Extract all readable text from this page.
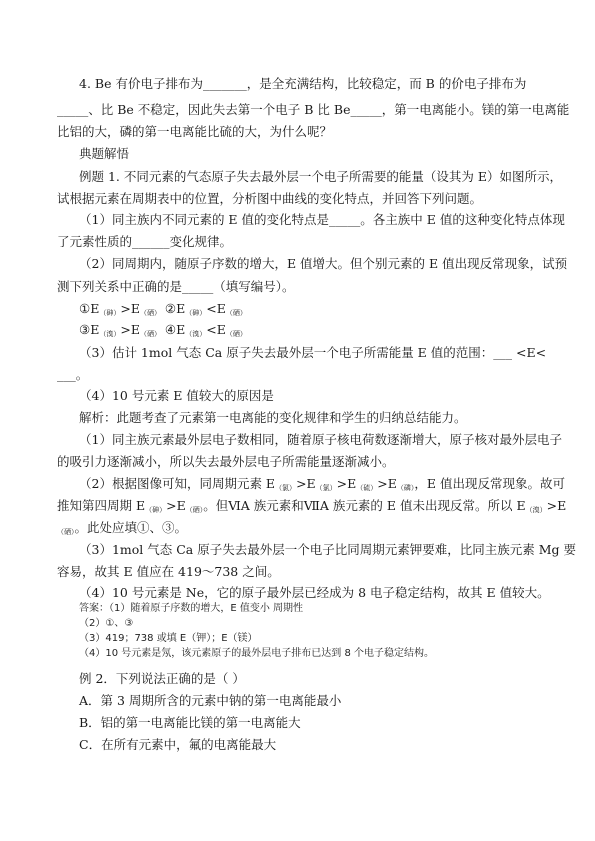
4. Be 有价电子排布为_______，是全充满结构，比较稳定，而 B 的价电子排布为
_____、比 Be 不稳定，因此失去第一个电子 B 比 Be_____，第一电离能小。镁的第一电离能
比铝的大，磷的第一电离能比硫的大，为什么呢？
典题解悟
例题 1. 不同元素的气态原子失去最外层一个电子所需要的能量（设其为 E）如图所示，
试根据元素在周期表中的位置，分析图中曲线的变化特点，并回答下列问题。
（1）同主族内不同元素的 E 值的变化特点是_____。各主族中 E 值的这种变化特点体现
了元素性质的______变化规律。
（2）同周期内，随原子序数的增大，E 值增大。但个别元素的 E 值出现反常现象，试预
测下列关系中正确的是_____（填写编号）。
$①E_{(砷)}>E_{(硒)}$ $②E_{(砷)}<E_{(硒)}$
$③E_{(溴)}>E_{(硒)}$ $④E_{(溴)}<E_{(硒)}$
（3）估计 1mol 气态 Ca 原子失去最外层一个电子所需能量 E 值的范围：___ <E<
___。
（4）10 号元素 E 值较大的原因是
解析：此题考查了元素第一电离能的变化规律和学生的归纳总结能力。
（1）同主族元素最外层电子数相同，随着原子核电荷数逐渐增大，原子核对最外层电子
的吸引力逐渐减小，所以失去最外层电子所需能量逐渐减小。
（2）根据图像可知，同周期元素 $E_{(氯)}>E_{(氯)}>E_{(硫)}>E_{(磷)}$，E 值出现反常现象。故可
推知第四周期 $E_{(砷)}>E_{(硒)}$。但ⅥA 族元素和ⅦA 族元素的 E 值未出现反常。所以 $E_{(溴)}>E$
$_{(硒)}$。此处应填①、③。
（3）1mol 气态 Ca 原子失去最外层一个电子比同周期元素钾要难，比同主族元素 Mg 要
容易，故其 E 值应在 419～738 之间。
（4）10 号元素是 Ne，它的原子最外层已经成为 8 电子稳定结构，故其 E 值较大。
答案：（1）随着原子序数的增大，E 值变小 周期性
（2）①、③
（3）419；738 或填 E（钾）；E（镁）
（4）10 号元素是氖，该元素原子的最外层电子排布已达到 8 个电子稳定结构。
例 2．下列说法正确的是（ ）
A．第 3 周期所含的元素中钠的第一电离能最小
B．铝的第一电离能比镁的第一电离能大
C．在所有元素中，氟的电离能最大
